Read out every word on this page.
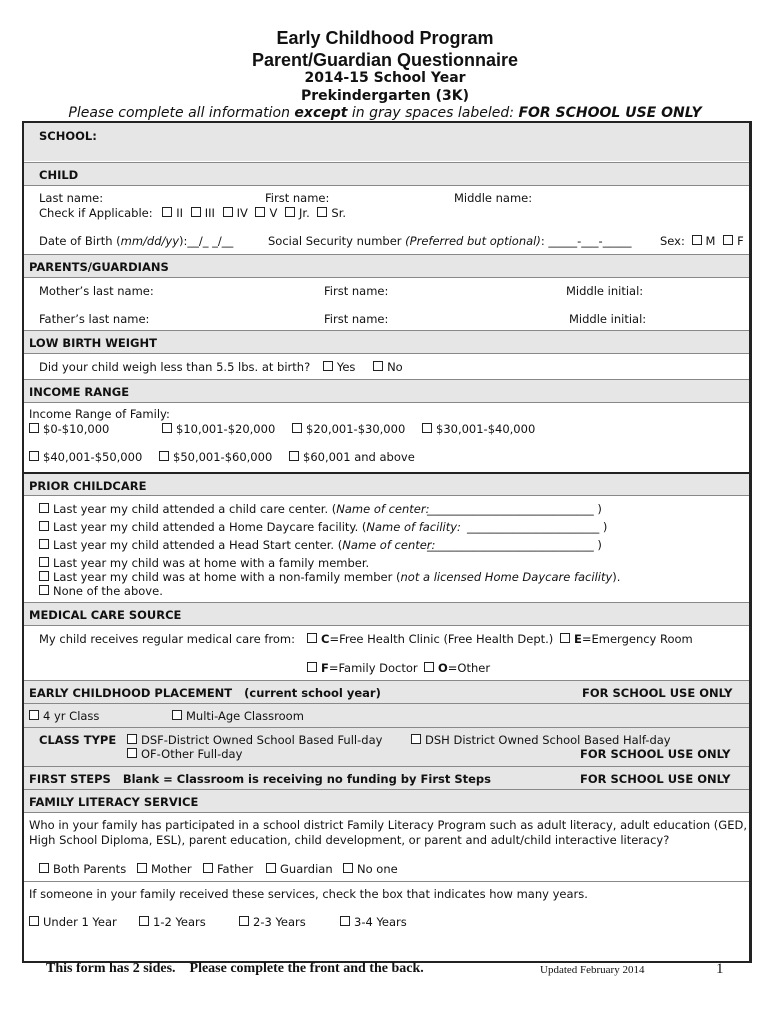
Early Childhood Program
Parent/Guardian Questionnaire
2014-15 School Year
Prekindergarten (3K)
Please complete all information except in gray spaces labeled: FOR SCHOOL USE ONLY
SCHOOL:
CHILD
Last name:	First name:	Middle name:
Check if Applicable: II III IV V Jr. Sr.
Date of Birth (mm/dd/yy):__/_ _/__	Social Security number (Preferred but optional): _____-___-_____ Sex: M F
PARENTS/GUARDIANS
Mother’s last name:	First name:	Middle initial:
Father’s last name:	First name:	Middle initial:
LOW BIRTH WEIGHT
Did your child weigh less than 5.5 lbs. at birth? Yes	No
INCOME RANGE
Income Range of Family:
$0-$10,000	$10,001-$20,000	$20,001-$30,000	$30,001-$40,000
$40,001-$50,000	$50,001-$60,000	$60,001 and above
PRIOR CHILDCARE
Last year my child attended a child care center. (Name of center:
_____________________________ )
Last year my child attended a Home Daycare facility. (Name of facility: _______________________ )
Last year my child attended a Head Start center. (Name of center:
_____________________________ )
Last year my child was at home with a family member.
Last year my child was at home with a non-family member (not a licensed Home Daycare facility).
None of the above.
MEDICAL CARE SOURCE
My child receives regular medical care from:	C=Free Health Clinic (Free Health Dept.)	E=Emergency Room
F=Family Doctor	O=Other
EARLY CHILDHOOD PLACEMENT   (current school year)	FOR SCHOOL USE ONLY
4 yr Class	Multi-Age Classroom
CLASS TYPE	DSF-District Owned School Based Full-day	DSH District Owned School Based Half-day
OF-Other Full-day	FOR SCHOOL USE ONLY
FIRST STEPS   Blank = Classroom is receiving no funding by First Steps	FOR SCHOOL USE ONLY
FAMILY LITERACY SERVICE
Who in your family has participated in a school district Family Literacy Program such as adult literacy, adult education (GED,
High School Diploma, ESL), parent education, child development, or parent and adult/child interactive literacy?
Both Parents	Mother	Father	Guardian	No one
If someone in your family received these services, check the box that indicates how many years.
Under 1 Year	1-2 Years	2-3 Years	3-4 Years
This form has 2 sides.    Please complete the front and the back.	Updated February 2014	1
